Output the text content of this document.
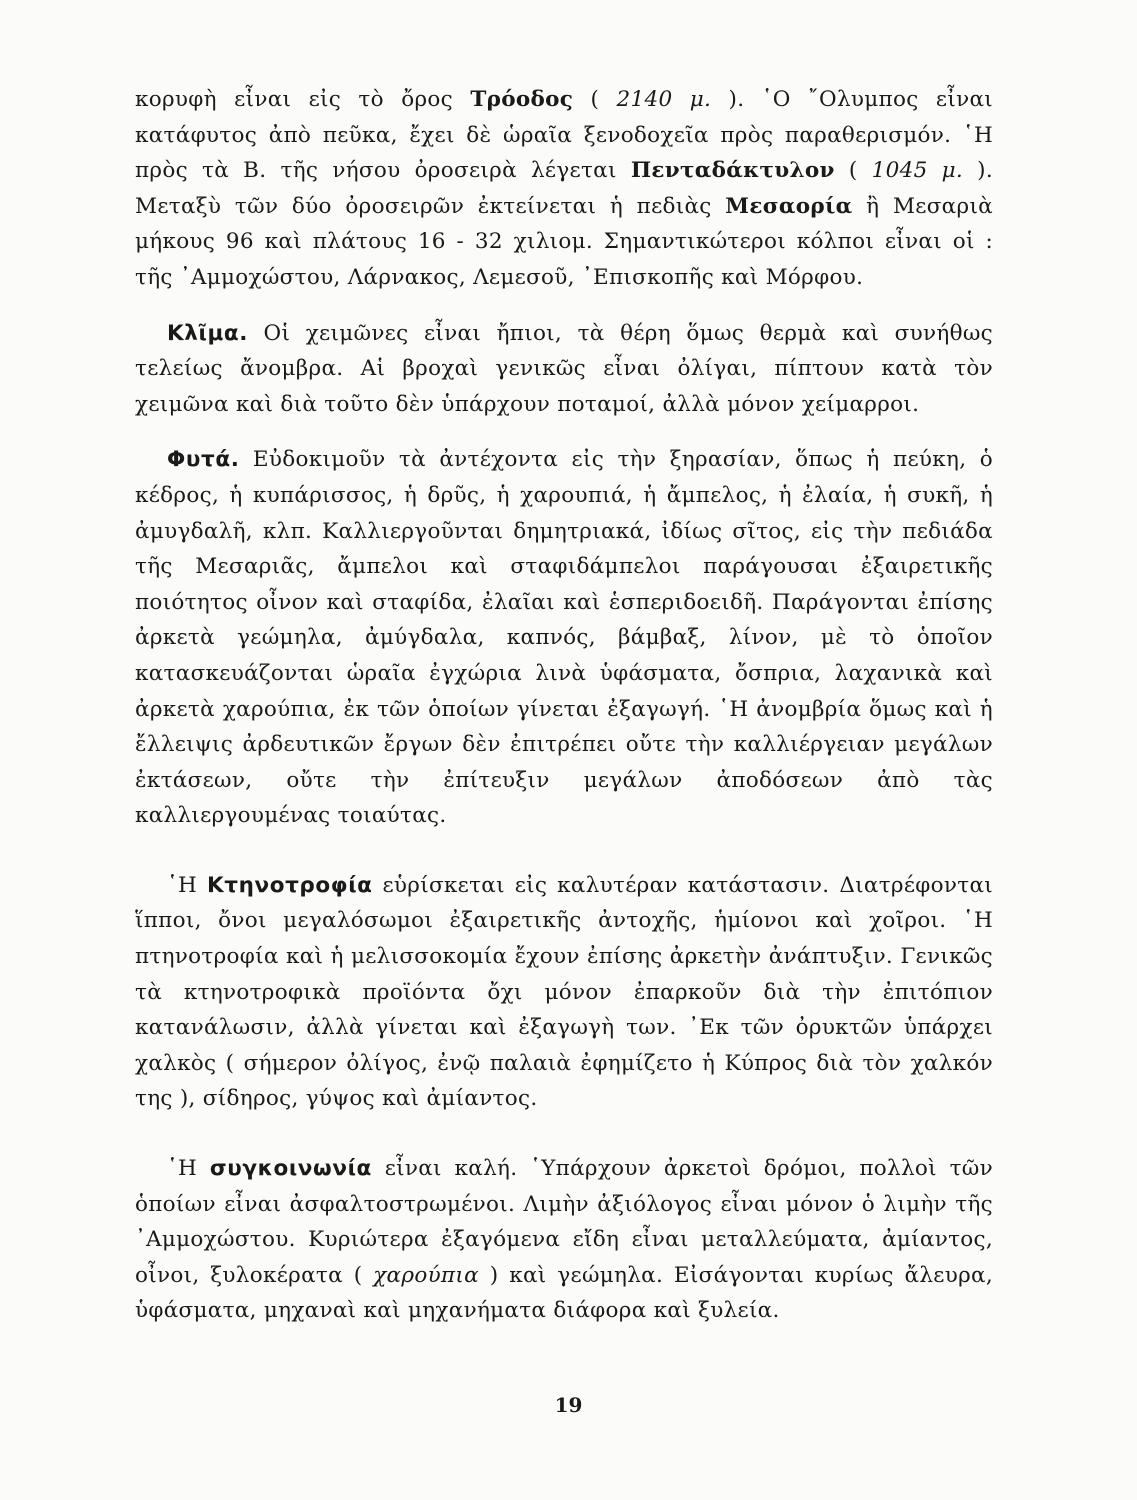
κορυφὴ εἶναι εἰς τὸ ὄρος Τρόοδος ( 2140 μ. ). ῾Ο ῎Ολυμπος εἶναι κατάφυτος ἀπὸ πεῦκα, ἔχει δὲ ὡραῖα ξενοδοχεῖα πρὸς παραθερισμόν. ῾Η πρὸς τὰ Β. τῆς νήσου ὀροσειρὰ λέγεται Πενταδάκτυλον ( 1045 μ. ). Μεταξὺ τῶν δύο ὀροσειρῶν ἐκτείνεται ἡ πεδιὰς Μεσαορία ἢ Μεσαριὰ μήκους 96 καὶ πλάτους 16 - 32 χιλιομ. Σημαντικώτεροι κόλποι εἶναι οἱ : τῆς ᾿Αμμοχώστου, Λάρνακος, Λεμεσοῦ, ᾿Επισκοπῆς καὶ Μόρφου.

Κλῖμα. Οἱ χειμῶνες εἶναι ἤπιοι, τὰ θέρη ὅμως θερμὰ καὶ συνήθως τελείως ἄνομβρα. Αἱ βροχαὶ γενικῶς εἶναι ὀλίγαι, πίπτουν κατὰ τὸν χειμῶνα καὶ διὰ τοῦτο δὲν ὑπάρχουν ποταμοί, ἀλλὰ μόνον χείμαρροι.

Φυτά. Εὐδοκιμοῦν τὰ ἀντέχοντα εἰς τὴν ξηρασίαν, ὅπως ἡ πεύκη, ὁ κέδρος, ἡ κυπάρισσος, ἡ δρῦς, ἡ χαρουπιά, ἡ ἄμπελος, ἡ ἐλαία, ἡ συκῆ, ἡ ἀμυγδαλῆ, κλπ. Καλλιεργοῦνται δημητριακά, ἰδίως σῖτος, εἰς τὴν πεδιάδα τῆς Μεσαριᾶς, ἄμπελοι καὶ σταφιδάμπελοι παράγουσαι ἐξαιρετικῆς ποιότητος οἶνον καὶ σταφίδα, ἐλαῖαι καὶ ἑσπεριδοειδῆ. Παράγονται ἐπίσης ἀρκετὰ γεώμηλα, ἀμύγδαλα, καπνός, βάμβαξ, λίνον, μὲ τὸ ὁποῖον κατασκευάζονται ὡραῖα ἐγχώρια λινὰ ὑφάσματα, ὄσπρια, λαχανικὰ καὶ ἀρκετὰ χαρούπια, ἐκ τῶν ὁποίων γίνεται ἐξαγωγή. ῾Η ἀνομβρία ὅμως καὶ ἡ ἔλλειψις ἀρδευτικῶν ἔργων δὲν ἐπιτρέπει οὔτε τὴν καλλιέργειαν μεγάλων ἐκτάσεων, οὔτε τὴν ἐπίτευξιν μεγάλων ἀποδόσεων ἀπὸ τὰς καλλιεργουμένας τοιαύτας.

῾Η Κτηνοτροφία εὑρίσκεται εἰς καλυτέραν κατάστασιν. Διατρέφονται ἵπποι, ὄνοι μεγαλόσωμοι ἐξαιρετικῆς ἀντοχῆς, ἡμίονοι καὶ χοῖροι. ῾Η πτηνοτροφία καὶ ἡ μελισσοκομία ἔχουν ἐπίσης ἀρκετὴν ἀνάπτυξιν. Γενικῶς τὰ κτηνοτροφικὰ προϊόντα ὄχι μόνον ἐπαρκοῦν διὰ τὴν ἐπιτόπιον κατανάλωσιν, ἀλλὰ γίνεται καὶ ἐξαγωγὴ των. ᾿Εκ τῶν ὀρυκτῶν ὑπάρχει χαλκὸς ( σήμερον ὀλίγος, ἐνῷ παλαιὰ ἐφημίζετο ἡ Κύπρος διὰ τὸν χαλκόν της ), σίδηρος, γύψος καὶ ἀμίαντος.

῾Η συγκοινωνία εἶναι καλή. ῾Υπάρχουν ἀρκετοὶ δρόμοι, πολλοὶ τῶν ὁποίων εἶναι ἀσφαλτοστρωμένοι. Λιμὴν ἀξιόλογος εἶναι μόνον ὁ λιμὴν τῆς ᾿Αμμοχώστου. Κυριώτερα ἐξαγόμενα εἴδη εἶναι μεταλλεύματα, ἀμίαντος, οἶνοι, ξυλοκέρατα ( χαρούπια ) καὶ γεώμηλα. Εἰσάγονται κυρίως ἄλευρα, ὑφάσματα, μηχαναὶ καὶ μηχανήματα διάφορα καὶ ξυλεία.

19
